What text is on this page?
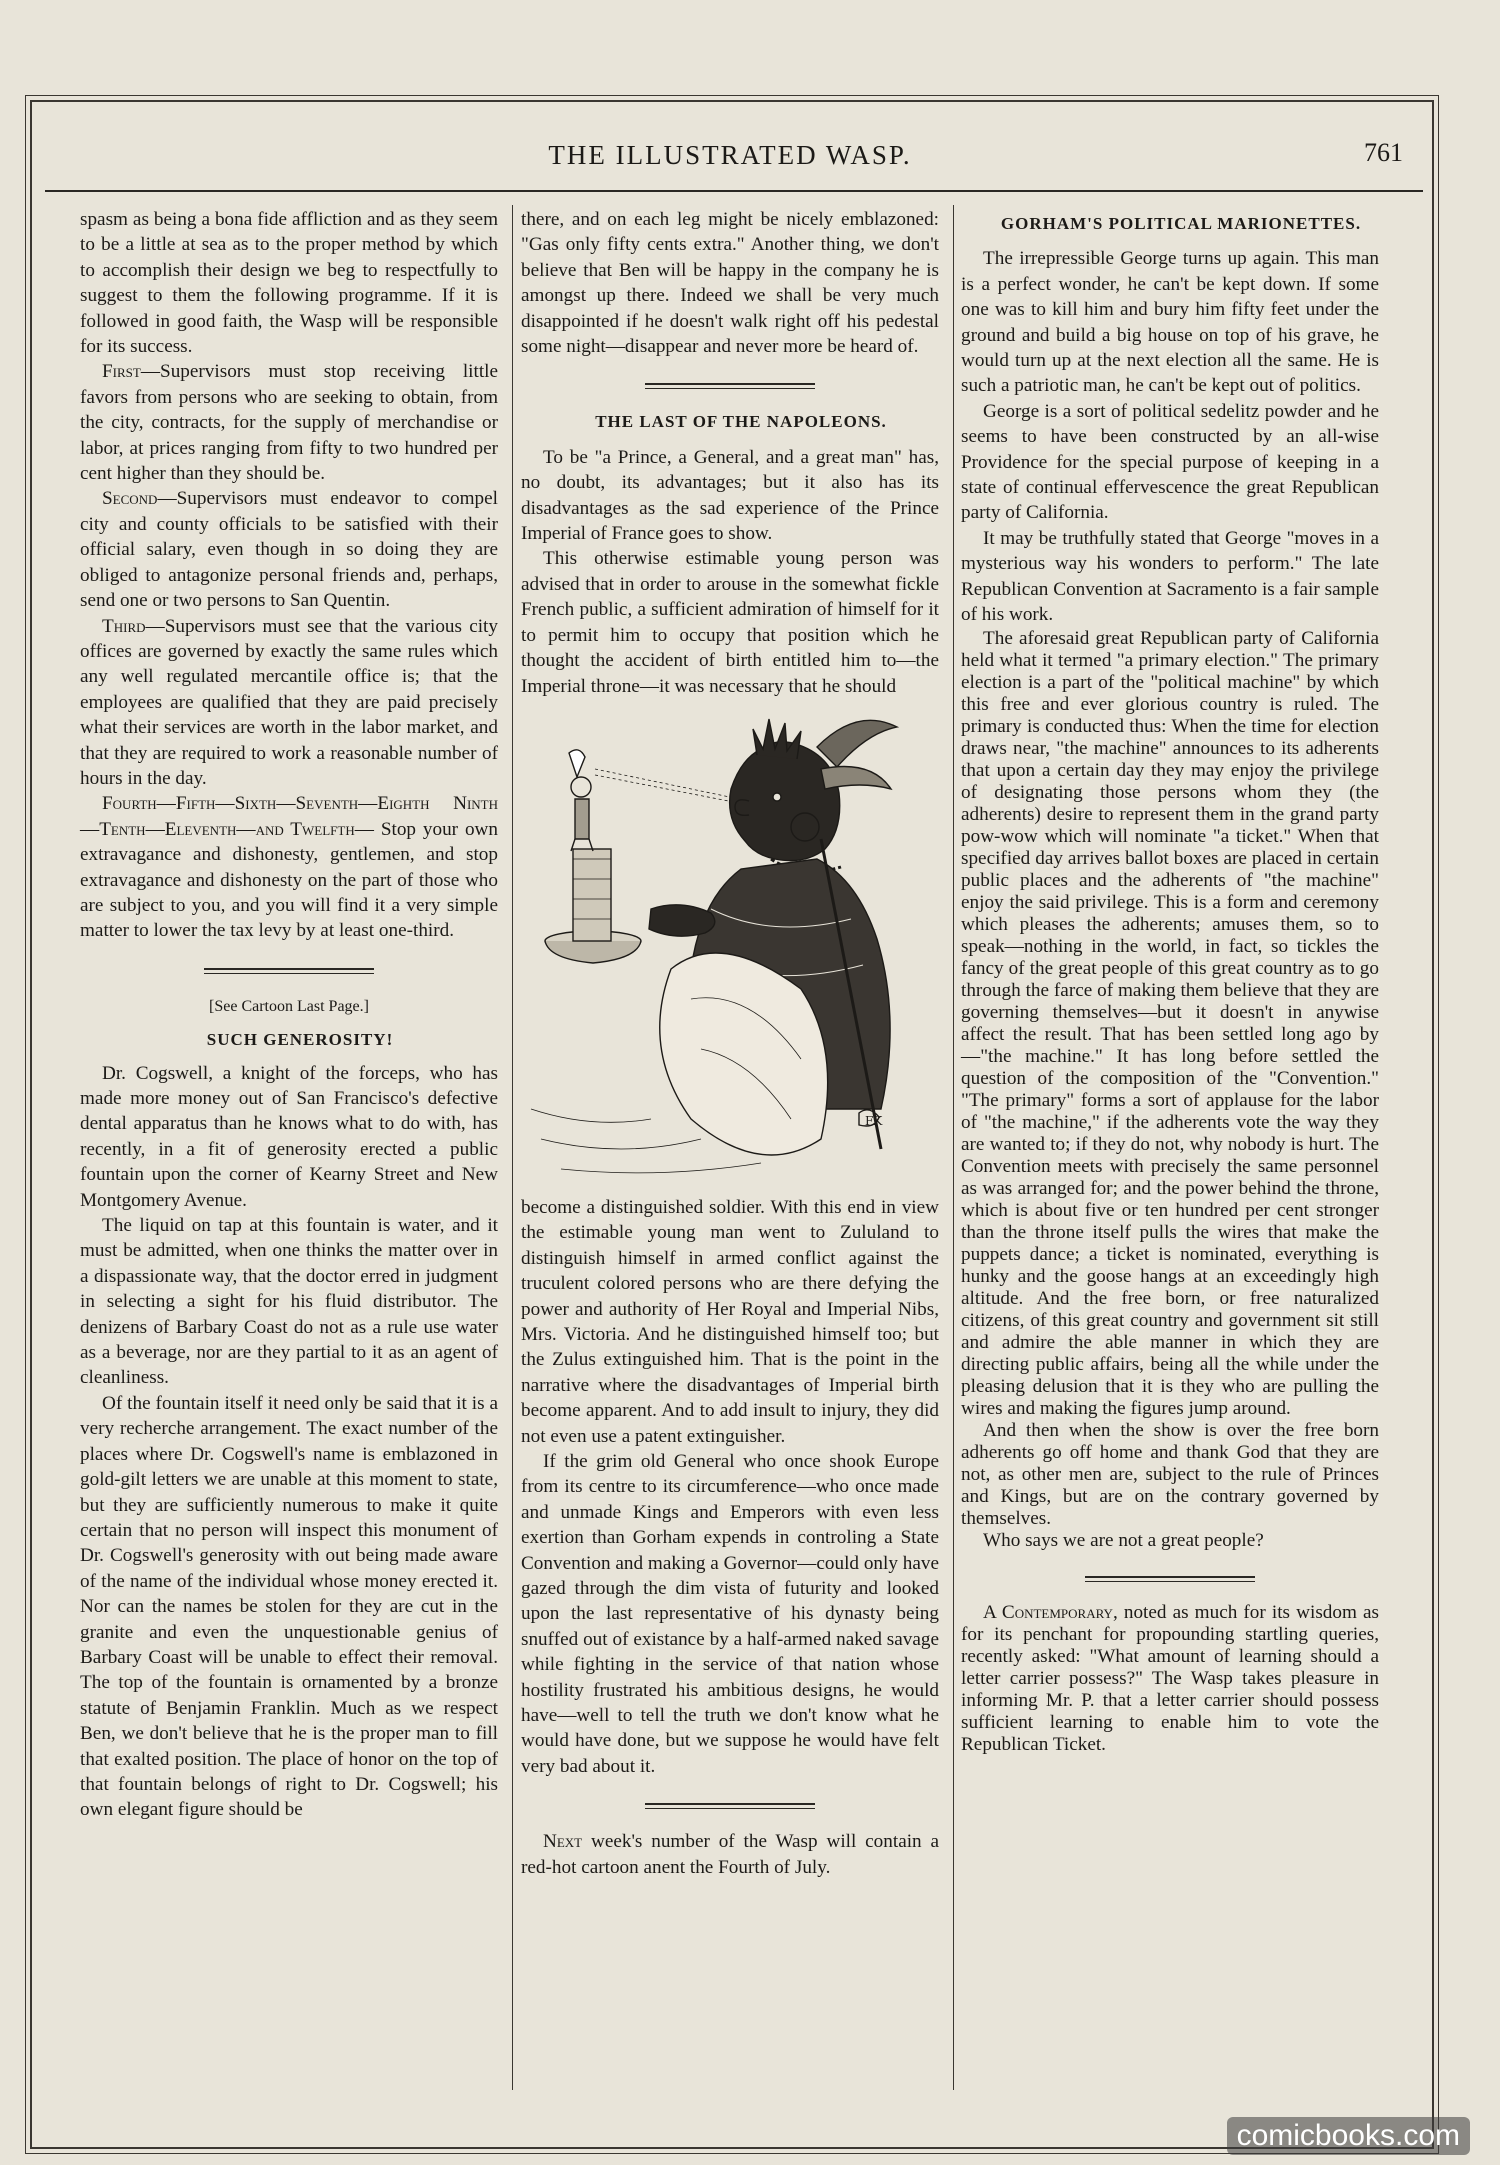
THE ILLUSTRATED WASP.	761

spasm as being a bona fide affliction and as they seem to be a little at sea as to the proper method by which to accomplish their design we beg to respectfully to suggest to them the following programme. If it is followed in good faith, the Wasp will be responsible for its success.

First—Supervisors must stop receiving little favors from persons who are seeking to obtain, from the city, contracts, for the supply of merchandise or labor, at prices ranging from fifty to two hundred per cent higher than they should be.

Second—Supervisors must endeavor to compel city and county officials to be satisfied with their official salary, even though in so doing they are obliged to antagonize personal friends and, perhaps, send one or two persons to San Quentin.

Third—Supervisors must see that the various city offices are governed by exactly the same rules which any well regulated mercantile office is; that the employees are qualified that they are paid precisely what their services are worth in the labor market, and that they are required to work a reasonable number of hours in the day.

Fourth—Fifth—Sixth—Seventh—Eighth Ninth—Tenth—Eleventh—and Twelfth— Stop your own extravagance and dishonesty, gentlemen, and stop extravagance and dishonesty on the part of those who are subject to you, and you will find it a very simple matter to lower the tax levy by at least one-third.

[See Cartoon Last Page.]

SUCH GENEROSITY!

Dr. Cogswell, a knight of the forceps, who has made more money out of San Francisco's defective dental apparatus than he knows what to do with, has recently, in a fit of generosity erected a public fountain upon the corner of Kearny Street and New Montgomery Avenue.

The liquid on tap at this fountain is water, and it must be admitted, when one thinks the matter over in a dispassionate way, that the doctor erred in judgment in selecting a sight for his fluid distributor. The denizens of Barbary Coast do not as a rule use water as a beverage, nor are they partial to it as an agent of cleanliness.

Of the fountain itself it need only be said that it is a very recherche arrangement. The exact number of the places where Dr. Cogswell's name is emblazoned in gold-gilt letters we are unable at this moment to state, but they are sufficiently numerous to make it quite certain that no person will inspect this monument of Dr. Cogswell's generosity with out being made aware of the name of the individual whose money erected it. Nor can the names be stolen for they are cut in the granite and even the unquestionable genius of Barbary Coast will be unable to effect their removal. The top of the fountain is ornamented by a bronze statute of Benjamin Franklin. Much as we respect Ben, we don't believe that he is the proper man to fill that exalted position. The place of honor on the top of that fountain belongs of right to Dr. Cogswell; his own elegant figure should be

there, and on each leg might be nicely emblazoned: "Gas only fifty cents extra." Another thing, we don't believe that Ben will be happy in the company he is amongst up there. Indeed we shall be very much disappointed if he doesn't walk right off his pedestal some night—disappear and never more be heard of.

THE LAST OF THE NAPOLEONS.

To be "a Prince, a General, and a great man" has, no doubt, its advantages; but it also has its disadvantages as the sad experience of the Prince Imperial of France goes to show.

This otherwise estimable young person was advised that in order to arouse in the somewhat fickle French public, a sufficient admiration of himself for it to permit him to occupy that position which he thought the accident of birth entitled him to—the Imperial throne—it was necessary that he should

FK

become a distinguished soldier. With this end in view the estimable young man went to Zululand to distinguish himself in armed conflict against the truculent colored persons who are there defying the power and authority of Her Royal and Imperial Nibs, Mrs. Victoria. And he distinguished himself too; but the Zulus extinguished him. That is the point in the narrative where the disadvantages of Imperial birth become apparent. And to add insult to injury, they did not even use a patent extinguisher.

If the grim old General who once shook Europe from its centre to its circumference—who once made and unmade Kings and Emperors with even less exertion than Gorham expends in controling a State Convention and making a Governor—could only have gazed through the dim vista of futurity and looked upon the last representative of his dynasty being snuffed out of existance by a half-armed naked savage while fighting in the service of that nation whose hostility frustrated his ambitious designs, he would have—well to tell the truth we don't know what he would have done, but we suppose he would have felt very bad about it.

Next week's number of the Wasp will contain a red-hot cartoon anent the Fourth of July.

GORHAM'S POLITICAL MARIONETTES.

The irrepressible George turns up again. This man is a perfect wonder, he can't be kept down. If some one was to kill him and bury him fifty feet under the ground and build a big house on top of his grave, he would turn up at the next election all the same. He is such a patriotic man, he can't be kept out of politics.

George is a sort of political sedelitz powder and he seems to have been constructed by an all-wise Providence for the special purpose of keeping in a state of continual effervescence the great Republican party of California.

It may be truthfully stated that George "moves in a mysterious way his wonders to perform." The late Republican Convention at Sacramento is a fair sample of his work.

The aforesaid great Republican party of California held what it termed "a primary election." The primary election is a part of the "political machine" by which this free and ever glorious country is ruled. The primary is conducted thus: When the time for election draws near, "the machine" announces to its adherents that upon a certain day they may enjoy the privilege of designating those persons whom they (the adherents) desire to represent them in the grand party pow-wow which will nominate "a ticket." When that specified day arrives ballot boxes are placed in certain public places and the adherents of "the machine" enjoy the said privilege. This is a form and ceremony which pleases the adherents; amuses them, so to speak—nothing in the world, in fact, so tickles the fancy of the great people of this great country as to go through the farce of making them believe that they are governing themselves—but it doesn't in anywise affect the result. That has been settled long ago by—"the machine." It has long before settled the question of the composition of the "Convention." "The primary" forms a sort of applause for the labor of "the machine," if the adherents vote the way they are wanted to; if they do not, why nobody is hurt. The Convention meets with precisely the same personnel as was arranged for; and the power behind the throne, which is about five or ten hundred per cent stronger than the throne itself pulls the wires that make the puppets dance; a ticket is nominated, everything is hunky and the goose hangs at an exceedingly high altitude. And the free born, or free naturalized citizens, of this great country and government sit still and admire the able manner in which they are directing public affairs, being all the while under the pleasing delusion that it is they who are pulling the wires and making the figures jump around.

And then when the show is over the free born adherents go off home and thank God that they are not, as other men are, subject to the rule of Princes and Kings, but are on the contrary governed by themselves.

Who says we are not a great people?

A Contemporary, noted as much for its wisdom as for its penchant for propounding startling queries, recently asked: "What amount of learning should a letter carrier possess?" The Wasp takes pleasure in informing Mr. P. that a letter carrier should possess sufficient learning to enable him to vote the Republican Ticket.

comicbooks.com
